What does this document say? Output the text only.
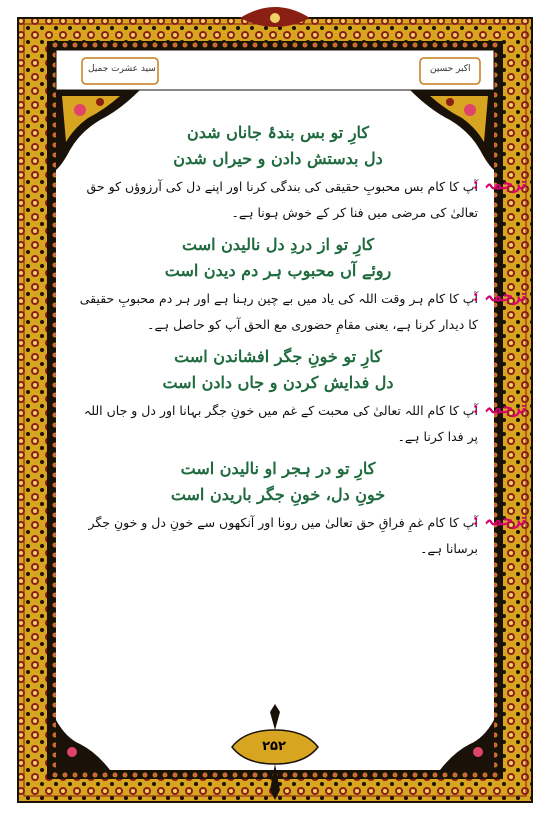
سید عشرت جمیل	اکبر حسین

کارِ تو بس بندۂ جاناں شدن

دل بدستش دادن و حیراں شدن

ترجمہ :

آپ کا کام بس محبوبِ حقیقی کی بندگی کرنا اور اپنے دل کی آرزوؤں کو حق تعالیٰ کی مرضی میں فنا کر کے خوش ہونا ہے۔

کارِ تو از دردِ دل نالیدن است

روئے آں محبوب ہر دم دیدن است

ترجمہ :

آپ کا کام ہر وقت اللہ کی یاد میں بے چین رہنا ہے اور ہر دم محبوبِ حقیقی کا دیدار کرنا ہے، یعنی مقامِ حضوری مع الحق آپ کو حاصل ہے۔

کارِ تو خونِ جگر افشاندن است

دل فدایش کردن و جاں دادن است

ترجمہ :

آپ کا کام اللہ تعالیٰ کی محبت کے غم میں خونِ جگر بہانا اور دل و جاں اللہ پر فدا کرنا ہے۔

کارِ تو در ہجر او نالیدن است

خونِ دل، خونِ جگر باریدن است

ترجمہ :

آپ کا کام غمِ فراقِ حق تعالیٰ میں رونا اور آنکھوں سے خونِ دل و خونِ جگر برسانا ہے۔

۲۵۲
